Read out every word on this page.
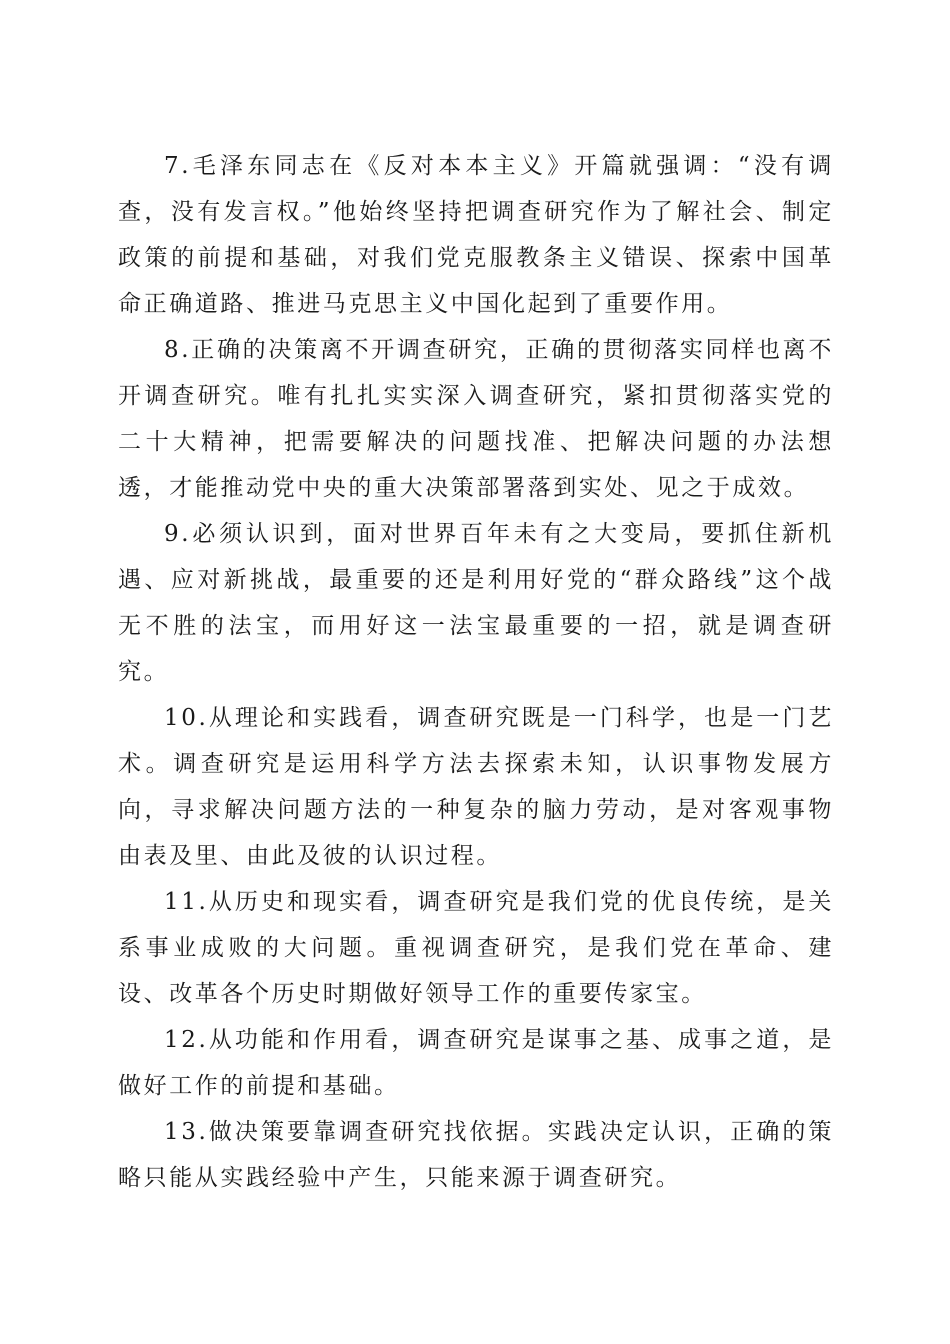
7.毛泽东同志在《反对本本主义》开篇就强调：“没有调查，没有发言权。”他始终坚持把调查研究作为了解社会、制定政策的前提和基础，对我们党克服教条主义错误、探索中国革命正确道路、推进马克思主义中国化起到了重要作用。

8.正确的决策离不开调查研究，正确的贯彻落实同样也离不开调查研究。唯有扎扎实实深入调查研究，紧扣贯彻落实党的二十大精神，把需要解决的问题找准、把解决问题的办法想透，才能推动党中央的重大决策部署落到实处、见之于成效。

9.必须认识到，面对世界百年未有之大变局，要抓住新机遇、应对新挑战，最重要的还是利用好党的“群众路线”这个战无不胜的法宝，而用好这一法宝最重要的一招，就是调查研究。

10.从理论和实践看，调查研究既是一门科学，也是一门艺术。调查研究是运用科学方法去探索未知，认识事物发展方向，寻求解决问题方法的一种复杂的脑力劳动，是对客观事物由表及里、由此及彼的认识过程。

11.从历史和现实看，调查研究是我们党的优良传统，是关系事业成败的大问题。重视调查研究，是我们党在革命、建设、改革各个历史时期做好领导工作的重要传家宝。

12.从功能和作用看，调查研究是谋事之基、成事之道，是做好工作的前提和基础。

13.做决策要靠调查研究找依据。实践决定认识，正确的策略只能从实践经验中产生，只能来源于调查研究。
